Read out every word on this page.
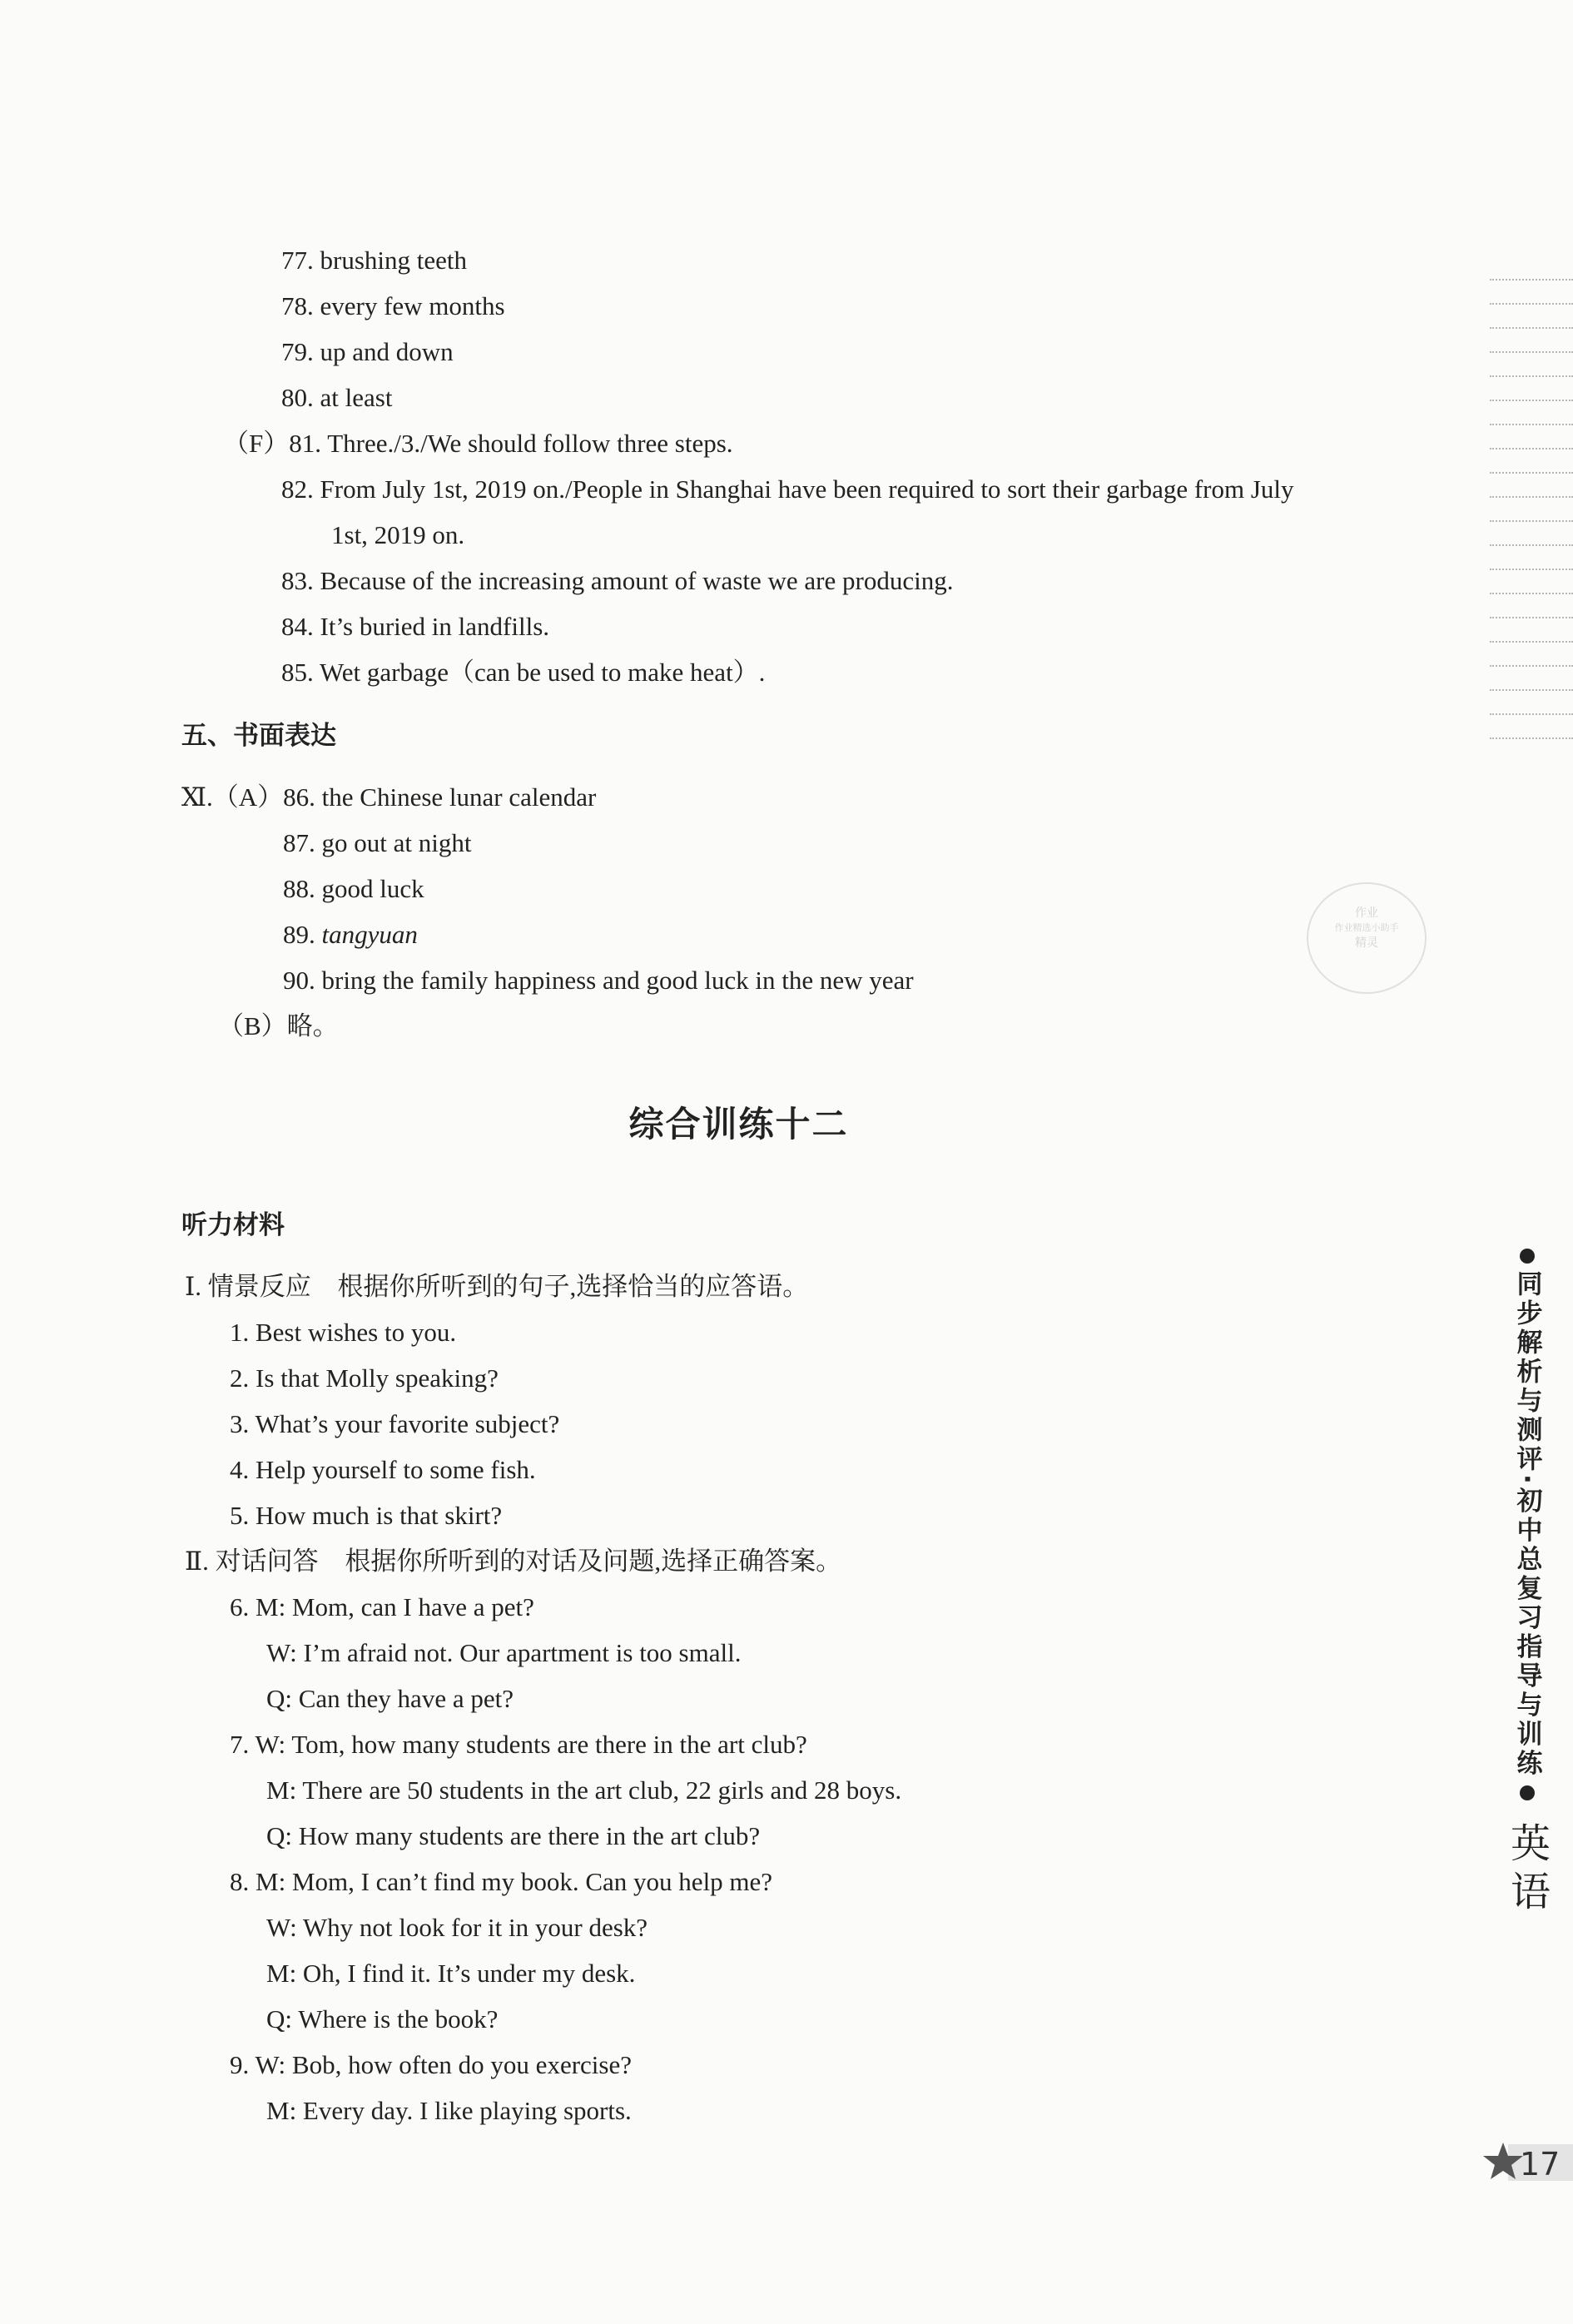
77. brushing teeth
78. every few months
79. up and down
80. at least
（F）81. Three./3./We should follow three steps.
82. From July 1st, 2019 on./People in Shanghai have been required to sort their garbage from July
1st, 2019 on.
83. Because of the increasing amount of waste we are producing.
84. It’s buried in landfills.
85. Wet garbage（can be used to make heat）.
五、书面表达
Ⅺ.（A）86. the Chinese lunar calendar
87. go out at night
88. good luck
89. tangyuan
90. bring the family happiness and good luck in the new year
（B）略。
综合训练十二
听力材料
Ⅰ. 情景反应 根据你所听到的句子,选择恰当的应答语。
1. Best wishes to you.
2. Is that Molly speaking?
3. What’s your favorite subject?
4. Help yourself to some fish.
5. How much is that skirt?
Ⅱ. 对话问答 根据你所听到的对话及问题,选择正确答案。
6. M: Mom, can I have a pet?
W: I’m afraid not. Our apartment is too small.
Q: Can they have a pet?
7. W: Tom, how many students are there in the art club?
M: There are 50 students in the art club, 22 girls and 28 boys.
Q: How many students are there in the art club?
8. M: Mom, I can’t find my book. Can you help me?
W: Why not look for it in your desk?
M: Oh, I find it. It’s under my desk.
Q: Where is the book?
9. W: Bob, how often do you exercise?
M: Every day. I like playing sports.
作业
作业精选小助手
精灵
同步解析与测评·初中总复习指导与训练
英语
17
